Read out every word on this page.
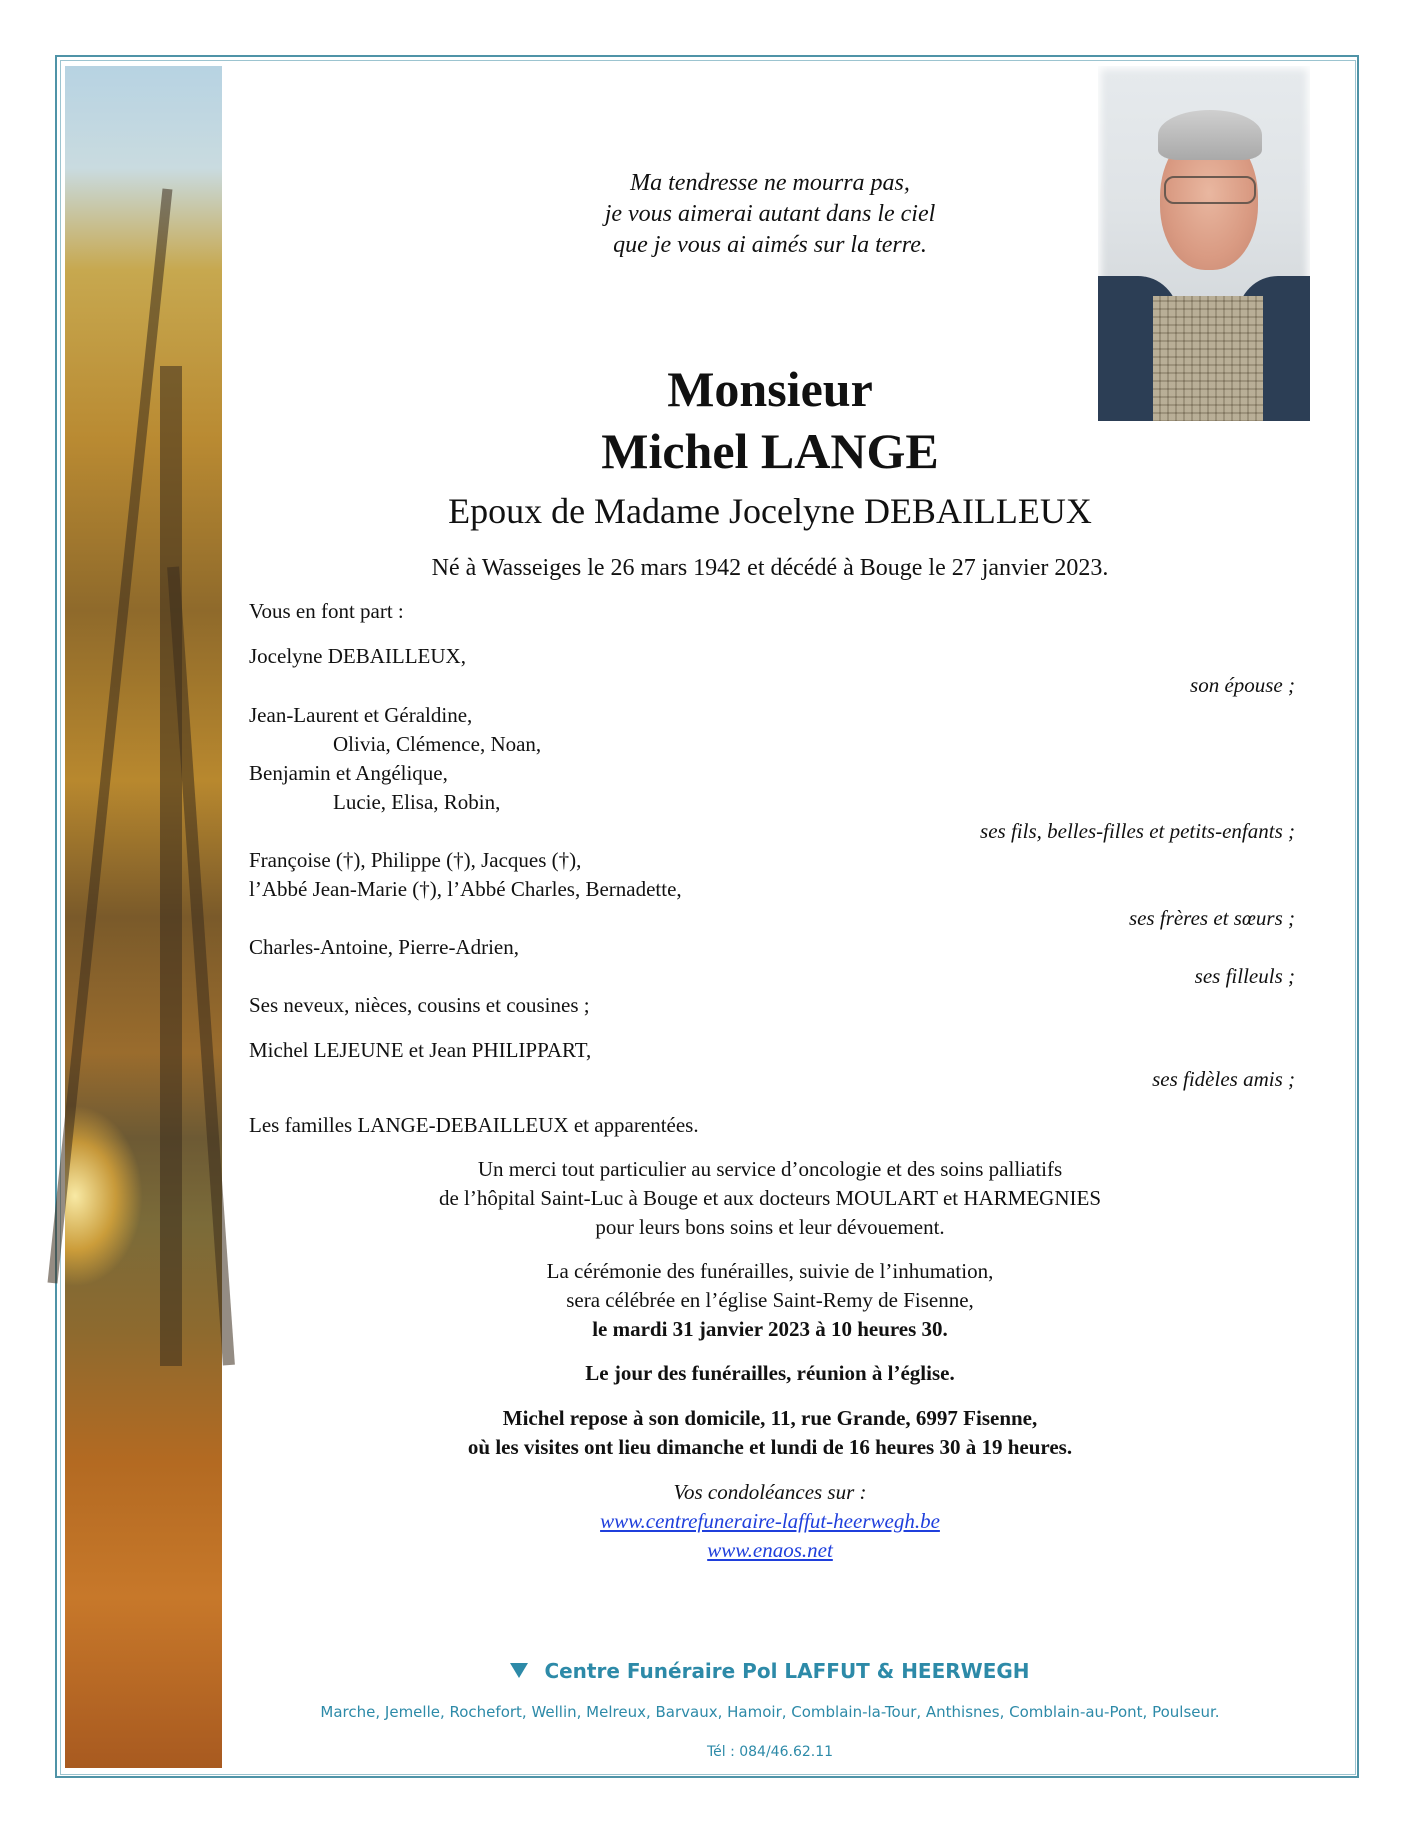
Ma tendresse ne mourra pas,
je vous aimerai autant dans le ciel
que je vous ai aimés sur la terre.
Monsieur
Michel LANGE
Epoux de Madame Jocelyne DEBAILLEUX
Né à Wasseiges le 26 mars 1942 et décédé à Bouge le 27 janvier 2023.
Vous en font part :
Jocelyne DEBAILLEUX,
son épouse ;
Jean-Laurent et Géraldine,
Olivia, Clémence, Noan,
Benjamin et Angélique,
Lucie, Elisa, Robin,
ses fils, belles-filles et petits-enfants ;
Françoise (†), Philippe (†), Jacques (†),
l’Abbé Jean-Marie (†), l’Abbé Charles, Bernadette,
ses frères et sœurs ;
Charles-Antoine, Pierre-Adrien,
ses filleuls ;
Ses neveux, nièces, cousins et cousines ;
Michel LEJEUNE et Jean PHILIPPART,
ses fidèles amis ;
Les familles LANGE-DEBAILLEUX et apparentées.
Un merci tout particulier au service d’oncologie et des soins palliatifs
de l’hôpital Saint-Luc à Bouge et aux docteurs MOULART et HARMEGNIES
pour leurs bons soins et leur dévouement.
La cérémonie des funérailles, suivie de l’inhumation,
sera célébrée en l’église Saint-Remy de Fisenne,
le mardi 31 janvier 2023 à 10 heures 30.
Le jour des funérailles, réunion à l’église.
Michel repose à son domicile, 11, rue Grande, 6997 Fisenne,
où les visites ont lieu dimanche et lundi de 16 heures 30 à 19 heures.
Vos condoléances sur :
www.centrefuneraire-laffut-heerwegh.be
www.enaos.net
Centre Funéraire Pol LAFFUT & HEERWEGH
Marche, Jemelle, Rochefort, Wellin, Melreux, Barvaux, Hamoir, Comblain-la-Tour, Anthisnes, Comblain-au-Pont, Poulseur.
Tél : 084/46.62.11
